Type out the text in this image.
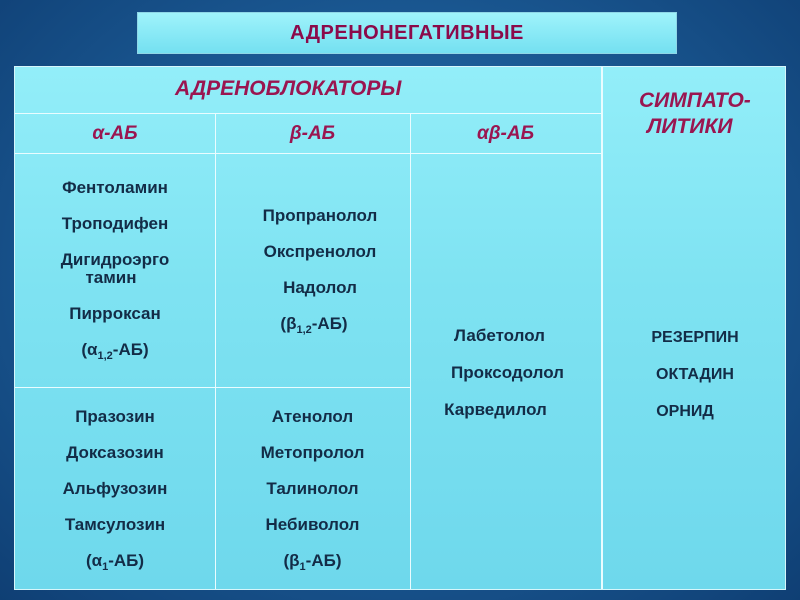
АДРЕНОНЕГАТИВНЫЕ
АДРЕНОБЛОКАТОРЫ
СИМПАТО-
ЛИТИКИ
α-АБ	β-АБ	αβ-АБ
Фентоламин
Троподифен
Дигидроэрго
тамин
Пирроксан
$(\alpha_{1,2}-АБ)$
Пропранолол
Окспренолол
Надолол
$(\beta_{1,2}-АБ)$
Празозин
Доксазозин
Альфузозин
Тамсулозин
$(\alpha_1-АБ)$
Атенолол
Метопролол
Талинолол
Небиволол
$(\beta_1-АБ)$
Лабетолол
Проксодолол
Карведилол
РЕЗЕРПИН
ОКТАДИН
ОРНИД
